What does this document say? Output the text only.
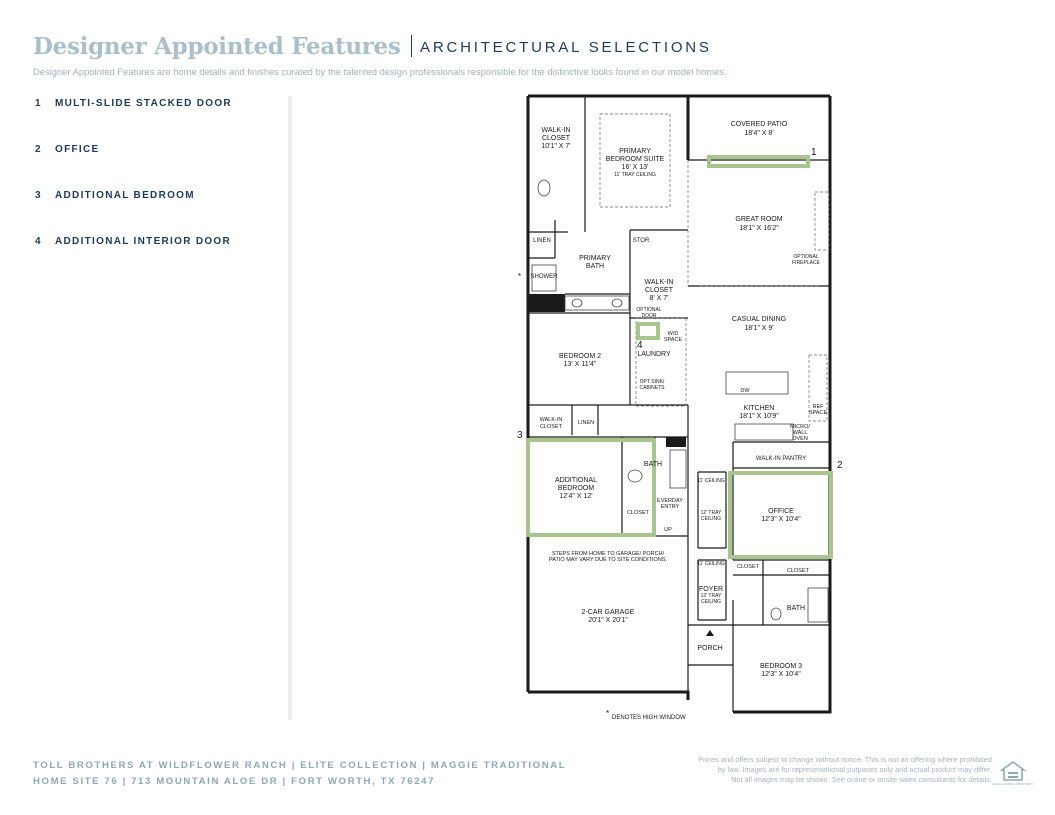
Designer Appointed Features ARCHITECTURAL SELECTIONS
Designer Appointed Features are home details and finishes curated by the talented design professionals responsible for the distinctive looks found in our model homes.
1 MULTI-SLIDE STACKED DOOR
2 OFFICE
3 ADDITIONAL BEDROOM
4 ADDITIONAL INTERIOR DOOR
1
2
3
4
WALK-IN
CLOSET
10'1" X 7'
PRIMARY
BEDROOM SUITE
16' X 13'
11' TRAY CEILING
COVERED PATIO
18'4" X 8'
GREAT ROOM
18'1" X 16'2"
OPTIONAL
FIREPLACE
LINEN	STOR
SHOWER
PRIMARY
BATH
WALK-IN
CLOSET
8' X 7'
OPTIONAL
DOOR	CASUAL DINING
18'1" X 9'
W/D
SPACE
LAUNDRY
BEDROOM 2
13' X 11'4"
OPT SINK/
CABINETS	DW
REF
SPACE
KITCHEN
18'1" X 10'9"
MICRO/
WALL
OVEN
WALK-IN
CLOSET
LINEN
BATH
WALK-IN PANTRY
ADDITIONAL
BEDROOM
12'4" X 12'
11' CEILING
EVERDAY
ENTRY
CLOSET
UP
12' TRAY
CEILING
OFFICE
12'3" X 10'4"
STEPS FROM HOME TO GARAGE/ PORCH/
PATIO MAY VARY DUE TO SITE CONDITIONS.
11' CEILING CLOSET
CLOSET
FOYER
12' TRAY
CEILING
BATH
2-CAR GARAGE
20'1" X 20'1"
PORCH
BEDROOM 3
12'3" X 10'4"
*
* DENOTES HIGH WINDOW
TOLL BROTHERS AT WILDFLOWER RANCH | ELITE COLLECTION | MAGGIE TRADITIONAL
HOME SITE 76 | 713 MOUNTAIN ALOE DR | FORT WORTH, TX 76247
Prices and offers subject to change without notice. This is not an offering where prohibited
by law. Images are for representational purposes only and actual product may differ.
Not all images may be shown. See online or onsite sales consultants for details.
EQUAL HOUSING OPPORTUNITY
